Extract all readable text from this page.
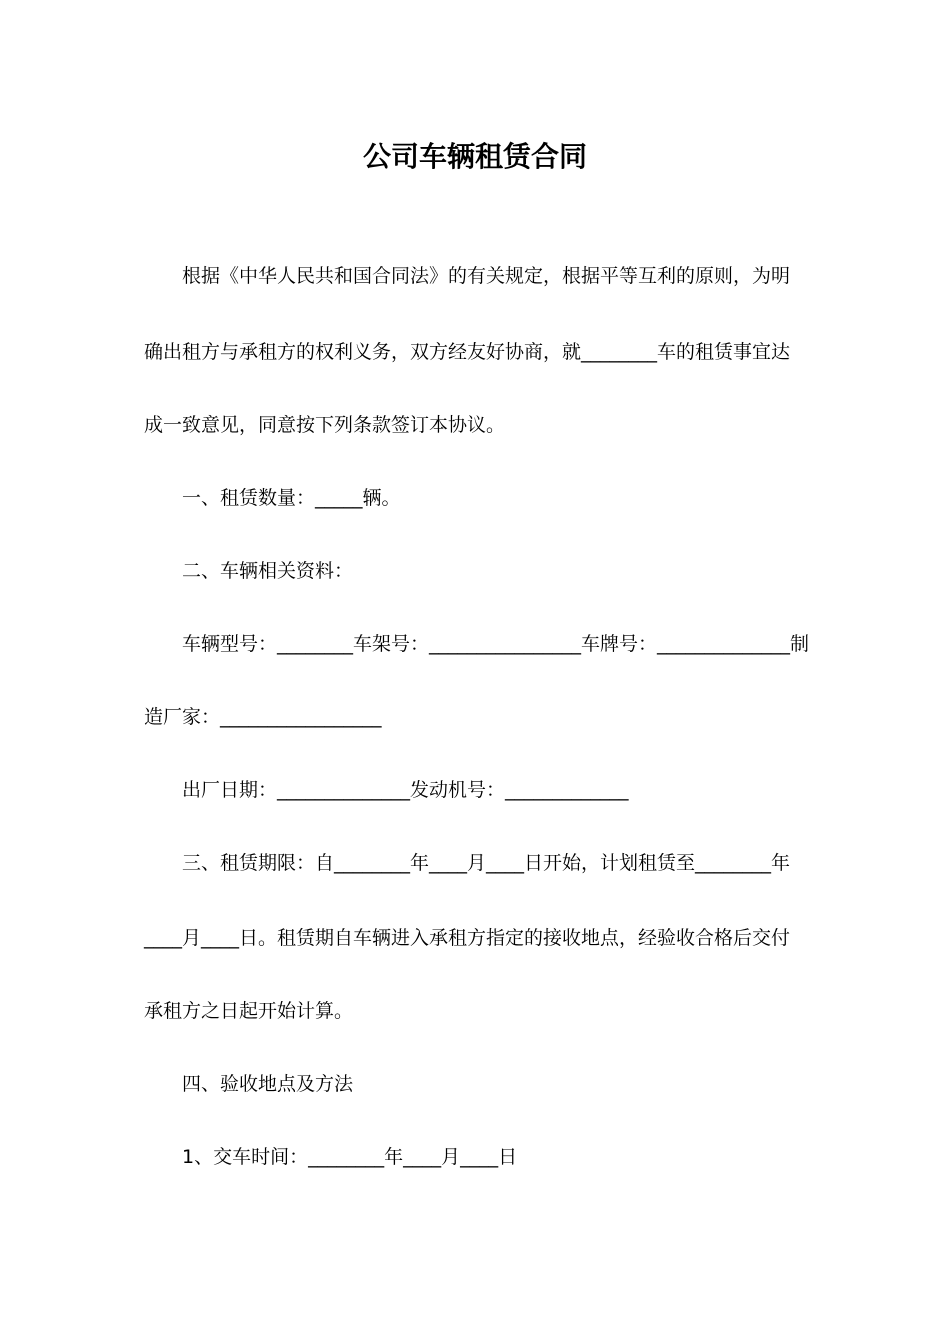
公司车辆租赁合同
根据《中华人民共和国合同法》的有关规定，根据平等互利的原则，为明
确出租方与承租方的权利义务，双方经友好协商，就________车的租赁事宜达
成一致意见，同意按下列条款签订本协议。
一、租赁数量：_____辆。
二、车辆相关资料：
车辆型号：________车架号：________________车牌号：______________制
造厂家：_________________
出厂日期：______________发动机号：_____________
三、租赁期限：自________年____月____日开始，计划租赁至________年
____月____日。租赁期自车辆进入承租方指定的接收地点，经验收合格后交付
承租方之日起开始计算。
四、验收地点及方法
1、交车时间：________年____月____日
